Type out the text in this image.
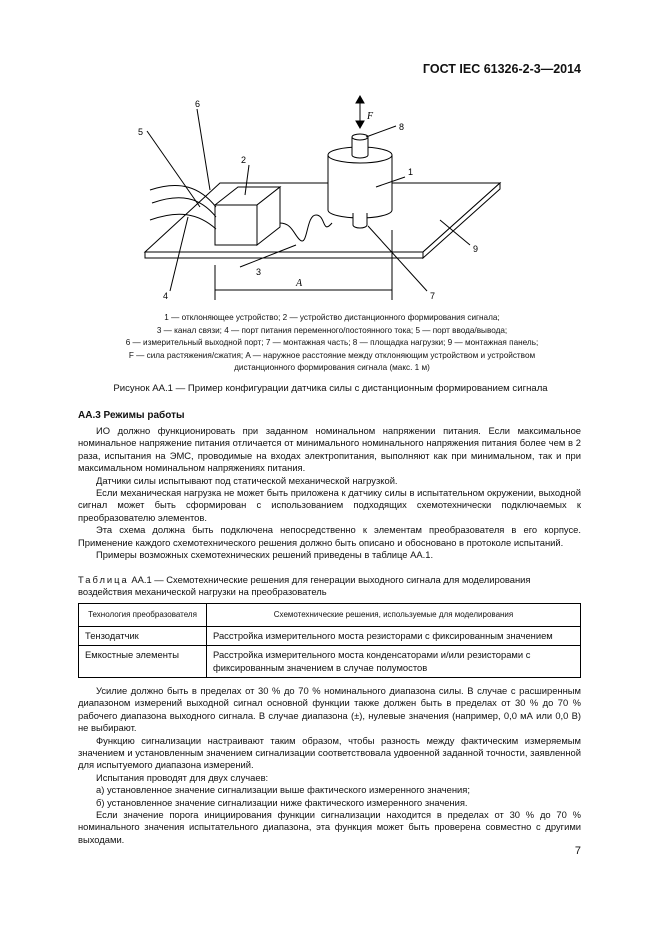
ГОСТ IEC 61326-2-3—2014
6
5
2
4
3
1
8
7
9
F
A
1 — отклоняющее устройство; 2 — устройство дистанционного формирования сигнала;
3 — канал связи; 4 — порт питания переменного/постоянного тока; 5 — порт ввода/вывода;
6 — измерительный выходной порт; 7 — монтажная часть; 8 — площадка нагрузки; 9 — монтажная панель;
F — сила растяжения/сжатия; A — наружное расстояние между отклоняющим устройством и устройством
дистанционного формирования сигнала (макс. 1 м)
Рисунок АА.1 — Пример конфигурации датчика силы с дистанционным формированием сигнала
АА.3 Режимы работы

ИО должно функционировать при заданном номинальном напряжении питания. Если максимальное номинальное напряжение питания отличается от минимального номинального напряжения питания более чем в 2 раза, испытания на ЭМС, проводимые на входах электропитания, выполняют как при минимальном, так и при максимальном номинальном напряжениях питания.

Датчики силы испытывают под статической механической нагрузкой.

Если механическая нагрузка не может быть приложена к датчику силы в испытательном окружении, выходной сигнал может быть сформирован с использованием подходящих схемотехнически подключаемых к преобразователю элементов.

Эта схема должна быть подключена непосредственно к элементам преобразователя в его корпусе. Применение каждого схемотехнического решения должно быть описано и обосновано в протоколе испытаний.

Примеры возможных схемотехнических решений приведены в таблице АА.1.

Таблица АА.1 — Схемотехнические решения для генерации выходного сигнала для моделирования воздействия механической нагрузки на преобразователь
Технология преобразователя	Схемотехнические решения, используемые для моделирования
Тензодатчик	Расстройка измерительного моста резисторами с фиксированным значением
Емкостные элементы	Расстройка измерительного моста конденсаторами и/или резисторами с фиксированным значением в случае полумостов

Усилие должно быть в пределах от 30 % до 70 % номинального диапазона силы. В случае с расширенным диапазоном измерений выходной сигнал основной функции также должен быть в пределах от 30 % до 70 % рабочего диапазона выходного сигнала. В случае диапазона (±), нулевые значения (например, 0,0 мА или 0,0 В) не выбирают.

Функцию сигнализации настраивают таким образом, чтобы разность между фактическим измеряемым значением и установленным значением сигнализации соответствовала удвоенной заданной точности, заявленной для испытуемого диапазона измерений.

Испытания проводят для двух случаев:

а) установленное значение сигнализации выше фактического измеренного значения;

б) установленное значение сигнализации ниже фактического измеренного значения.

Если значение порога инициирования функции сигнализации находится в пределах от 30 % до 70 % номинального значения испытательного диапазона, эта функция может быть проверена совместно с другими выходами.

7
